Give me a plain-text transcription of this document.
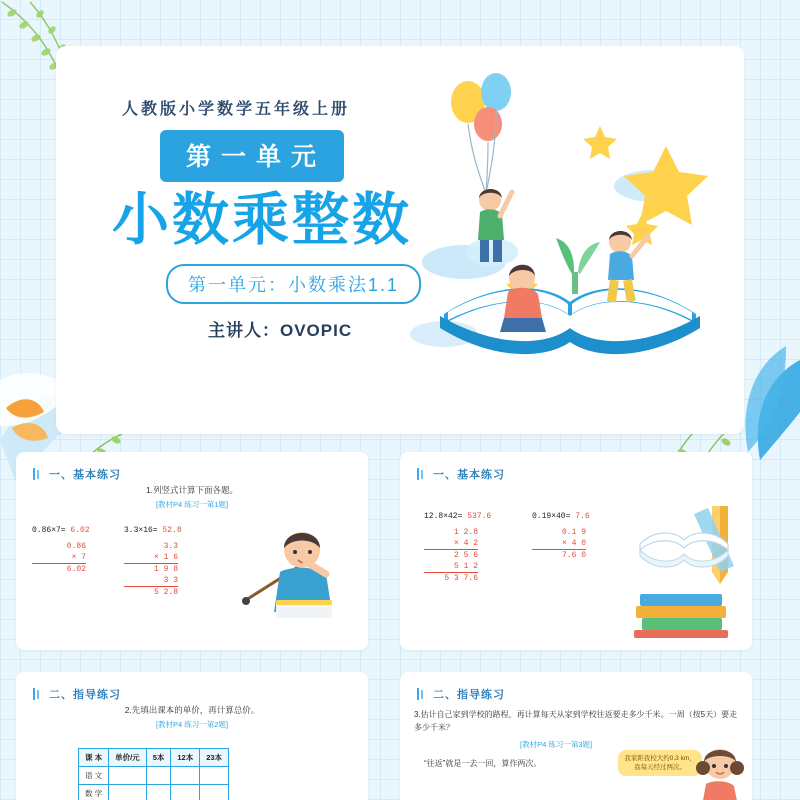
人教版小学数学五年级上册
第一单元
小数乘整数
第一单元：小数乘法1.1
主讲人：OVOPIC
一、基本练习
1.列竖式计算下面各题。
[教材P4 练习一第1题]
0.86×7= 6.02
0.86
× 7
6.02
3.3×16= 52.8
3.3
× 1 6
1 9 8
3 3
5 2.8
一、基本练习
12.8×42= 537.6
1 2.8
× 4 2
2 5 6
5 1 2
5 3 7.6
0.19×40= 7.6
0.1 9
× 4 0
7.6 0
二、指导练习
2.先填出课本的单价，再计算总价。
[教材P4 练习一第2题]
课 本	单价/元	5本	12本	23本
语 文				
数 学				
二、指导练习
3.估计自己家到学校的路程，再计算每天从家到学校往返要走多少千米。一周（按5天）要走多少千米？
[教材P4 练习一第3题]
“往返”就是一去一回，算作两次。
我家距我校大约0.3 km，我每天经过两次。
